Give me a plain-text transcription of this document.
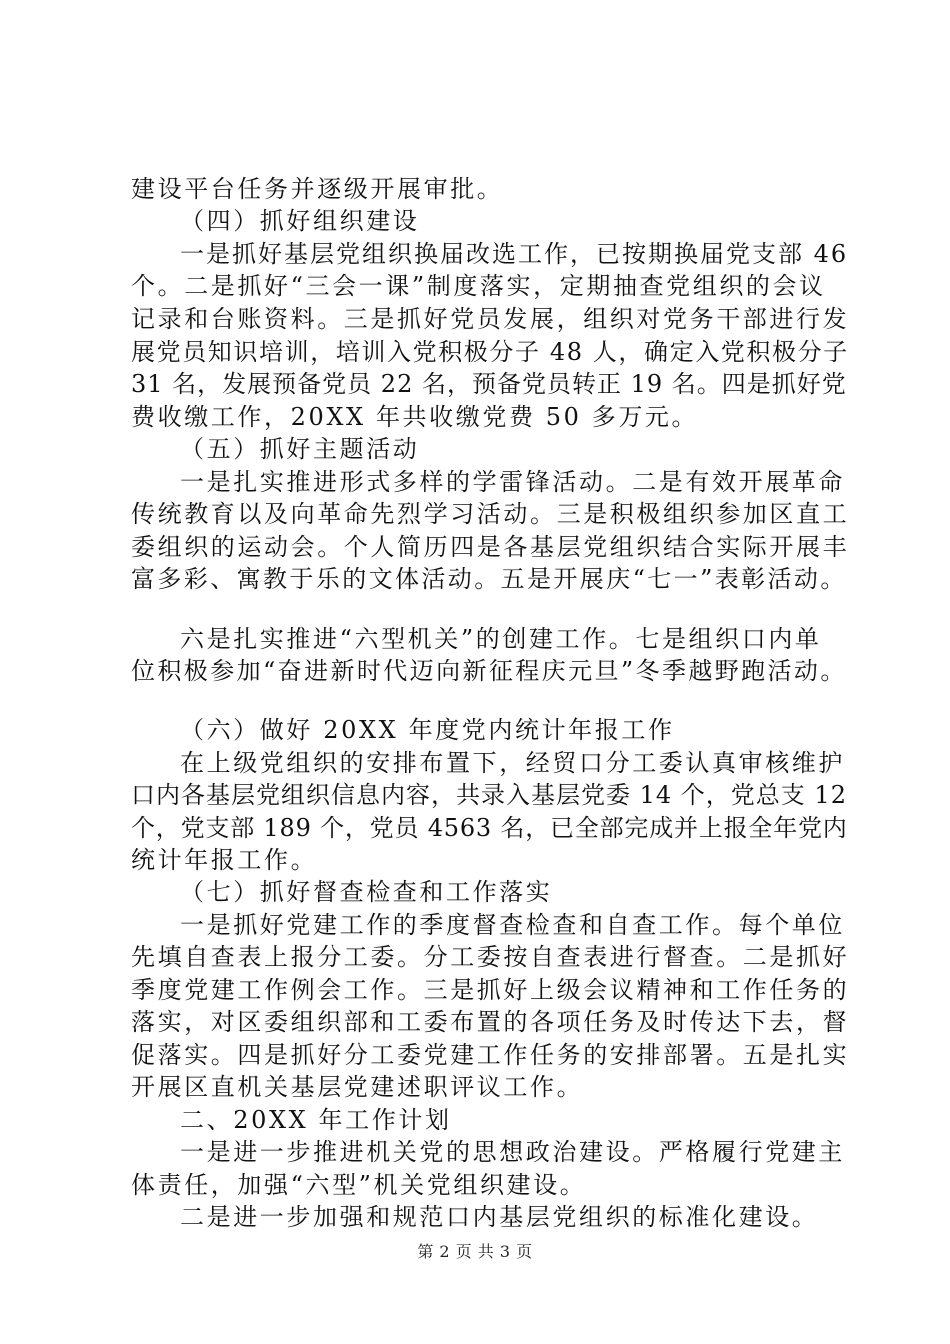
建设平台任务并逐级开展审批。
（四）抓好组织建设
一是抓好基层党组织换届改选工作，已按期换届党支部 46
个。二是抓好“三会一课”制度落实，定期抽查党组织的会议
记录和台账资料。三是抓好党员发展，组织对党务干部进行发
展党员知识培训，培训入党积极分子 48 人，确定入党积极分子
31 名，发展预备党员 22 名，预备党员转正 19 名。四是抓好党
费收缴工作，20XX 年共收缴党费 50 多万元。
（五）抓好主题活动
一是扎实推进形式多样的学雷锋活动。二是有效开展革命
传统教育以及向革命先烈学习活动。三是积极组织参加区直工
委组织的运动会。个人简历四是各基层党组织结合实际开展丰
富多彩、寓教于乐的文体活动。五是开展庆“七一”表彰活动。
六是扎实推进“六型机关”的创建工作。七是组织口内单
位积极参加“奋进新时代迈向新征程庆元旦”冬季越野跑活动。
（六）做好 20XX 年度党内统计年报工作
在上级党组织的安排布置下，经贸口分工委认真审核维护
口内各基层党组织信息内容，共录入基层党委 14 个，党总支 12
个，党支部 189 个，党员 4563 名，已全部完成并上报全年党内
统计年报工作。
（七）抓好督查检查和工作落实
一是抓好党建工作的季度督查检查和自查工作。每个单位
先填自查表上报分工委。分工委按自查表进行督查。二是抓好
季度党建工作例会工作。三是抓好上级会议精神和工作任务的
落实，对区委组织部和工委布置的各项任务及时传达下去，督
促落实。四是抓好分工委党建工作任务的安排部署。五是扎实
开展区直机关基层党建述职评议工作。
二、20XX 年工作计划
一是进一步推进机关党的思想政治建设。严格履行党建主
体责任，加强“六型”机关党组织建设。
二是进一步加强和规范口内基层党组织的标准化建设。
第 2 页 共 3 页
